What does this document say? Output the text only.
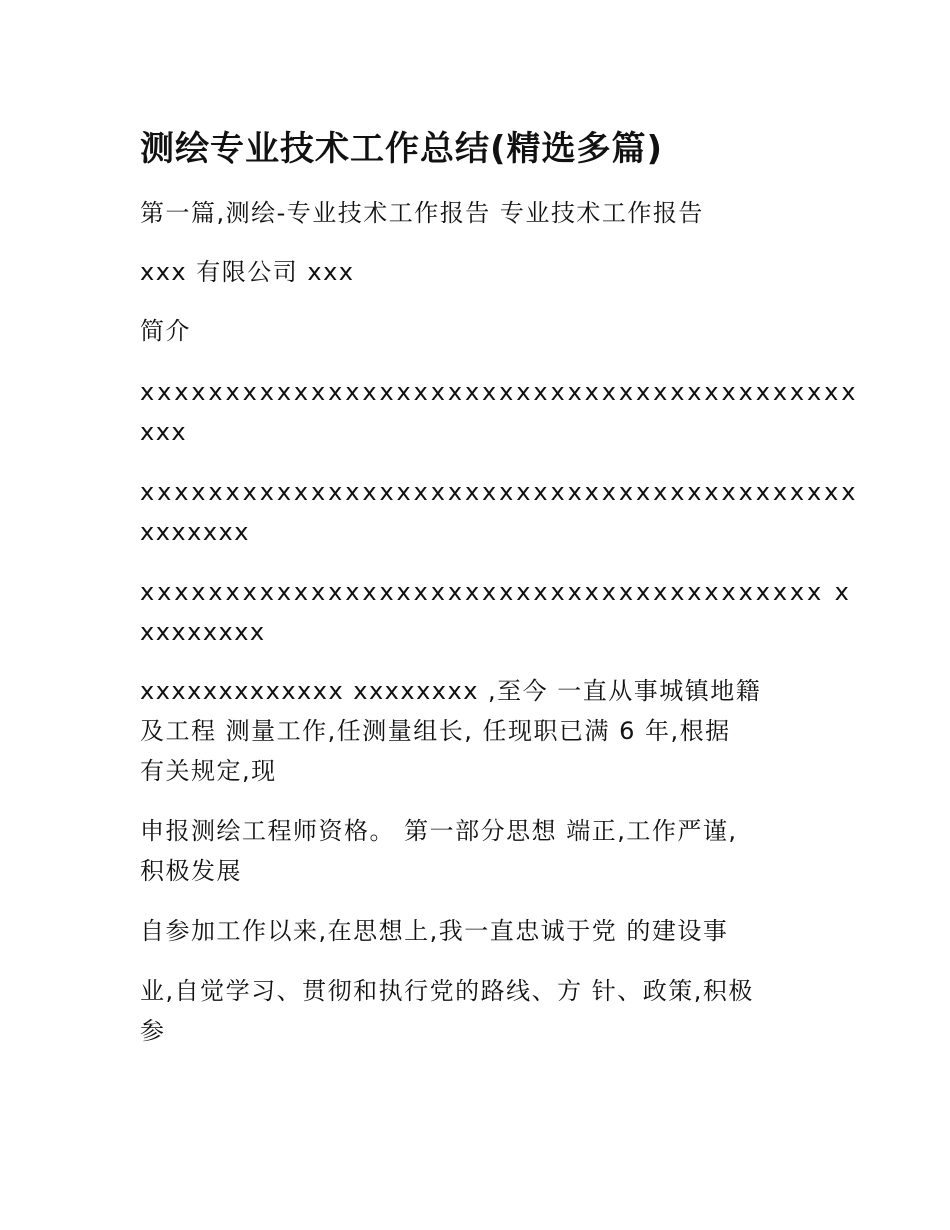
测绘专业技术工作总结(精选多篇)

第一篇,测绘-专业技术工作报告 专业技术工作报告

xxx 有限公司 xxx

简介

xxxxxxxxxxxxxxxxxxxxxxxxxxxxxxxxxxxxxxxxxx

xxx

xxxxxxxxxxxxxxxxxxxxxxxxxxxxxxxxxxxxxxxxxx

xxxxxxx

xxxxxxxxxxxxxxxxxxxxxxxxxxxxxxxxxxxxxxxx x

xxxxxxxx

xxxxxxxxxxxxx xxxxxxxx ,至今 一直从事城镇地籍

及工程 测量工作,任测量组长, 任现职已满 6 年,根据

有关规定,现

申报测绘工程师资格。 第一部分思想 端正,工作严谨,

积极发展

自参加工作以来,在思想上,我一直忠诚于党 的建设事

业,自觉学习、贯彻和执行党的路线、方 针、政策,积极

参
